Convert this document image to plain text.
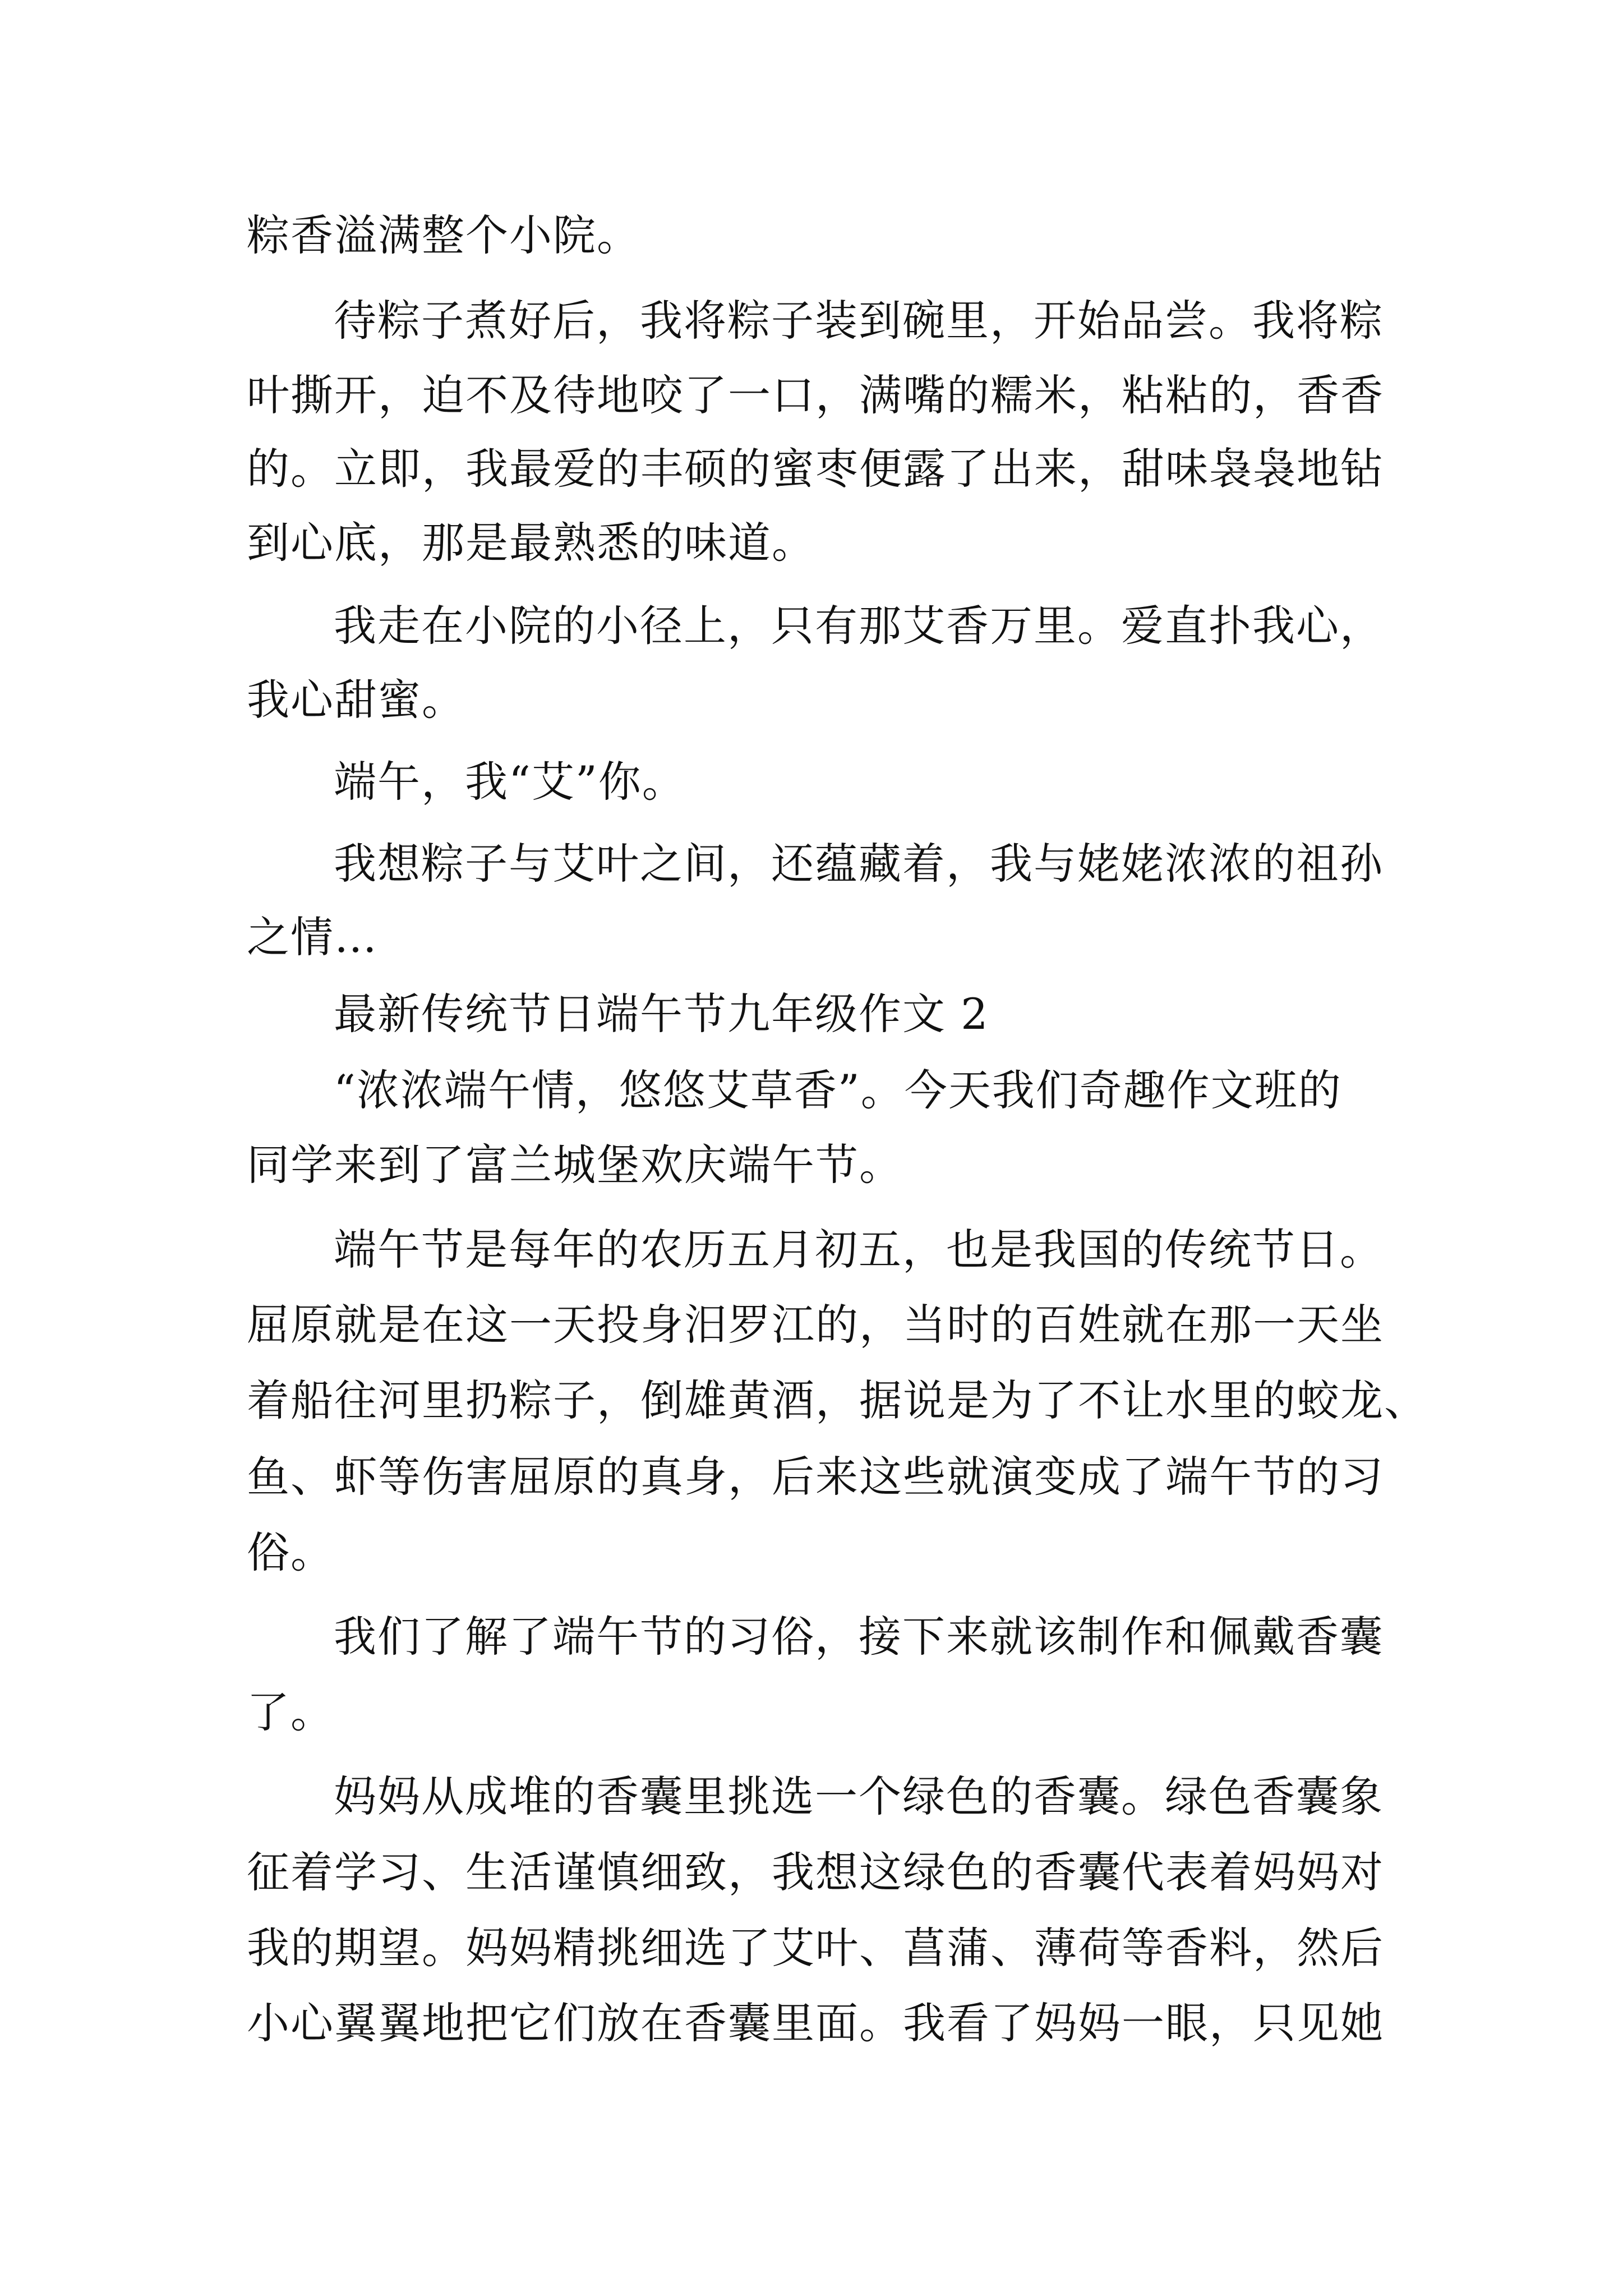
粽香溢满整个小院。
待粽子煮好后，我将粽子装到碗里，开始品尝。我将粽
叶撕开，迫不及待地咬了一口，满嘴的糯米，粘粘的，香香
的。立即，我最爱的丰硕的蜜枣便露了出来，甜味袅袅地钻
到心底，那是最熟悉的味道。
我走在小院的小径上，只有那艾香万里。爱直扑我心，
我心甜蜜。
端午，我“艾”你。
我想粽子与艾叶之间，还蕴藏着，我与姥姥浓浓的祖孙
之情…
最新传统节日端午节九年级作文 2
“浓浓端午情，悠悠艾草香”。今天我们奇趣作文班的
同学来到了富兰城堡欢庆端午节。
端午节是每年的农历五月初五，也是我国的传统节日。
屈原就是在这一天投身汨罗江的，当时的百姓就在那一天坐
着船往河里扔粽子，倒雄黄酒，据说是为了不让水里的蛟龙、
鱼、虾等伤害屈原的真身，后来这些就演变成了端午节的习
俗。
我们了解了端午节的习俗，接下来就该制作和佩戴香囊
了。
妈妈从成堆的香囊里挑选一个绿色的香囊。绿色香囊象
征着学习、生活谨慎细致，我想这绿色的香囊代表着妈妈对
我的期望。妈妈精挑细选了艾叶、菖蒲、薄荷等香料，然后
小心翼翼地把它们放在香囊里面。我看了妈妈一眼，只见她
